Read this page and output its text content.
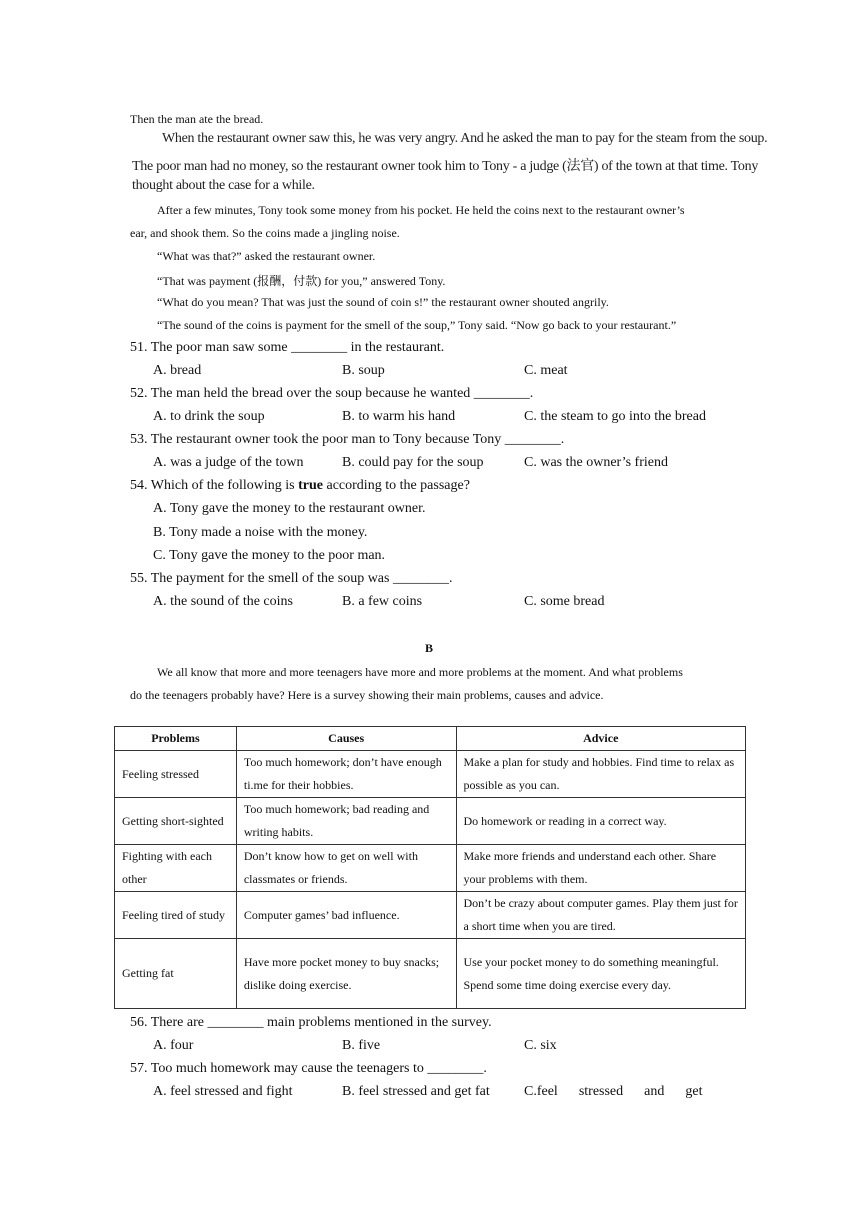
Then the man ate the bread.
When the restaurant owner saw this, he was very angry. And he asked the man to pay for the steam from the soup.
The poor man had no money, so the restaurant owner took him to Tony - a judge (法官) of the town at that time. Tony
thought about the case for a while.
After a few minutes, Tony took some money from his pocket. He held the coins next to the restaurant owner’s
ear, and shook them. So the coins made a jingling noise.
“What was that?” asked the restaurant owner.
“That was payment (报酬，付款) for you,” answered Tony.
“What do you mean? That was just the sound of coin s!” the restaurant owner shouted angrily.
“The sound of the coins is payment for the smell of the soup,” Tony said. “Now go back to your restaurant.”
51. The poor man saw some ________ in the restaurant.
A. bread	B. soup	C. meat
52. The man held the bread over the soup because he wanted ________.
A. to drink the soup	B. to warm his hand	C. the steam to go into the bread
53. The restaurant owner took the poor man to Tony because Tony ________.
A. was a judge of the town	B. could pay for the soup	C. was the owner’s friend
54. Which of the following is true according to the passage?
A. Tony gave the money to the restaurant owner.
B. Tony made a noise with the money.
C. Tony gave the money to the poor man.
55. The payment for the smell of the soup was ________.
A. the sound of the coins	B. a few coins	C. some bread
B
We all know that more and more teenagers have more and more problems at the moment. And what problems
do the teenagers probably have? Here is a survey showing their main problems, causes and advice.
Problems	Causes	Advice
Feeling stressed	Too much homework; don’t have enough ti.me for their hobbies.	Make a plan for study and hobbies. Find time to relax as possible as you can.
Getting short-sighted	Too much homework; bad reading and writing habits.	Do homework or reading in a correct way.
Fighting with each other	Don’t know how to get on well with classmates or friends.	Make more friends and understand each other. Share your problems with them.
Feeling tired of study	Computer games’ bad influence.	Don’t be crazy about computer games. Play them just for a short time when you are tired.
Getting fat	Have more pocket money to buy snacks; dislike doing exercise.	Use your pocket money to do something meaningful. Spend some time doing exercise every day.
56. There are ________ main problems mentioned in the survey.
A. four	B. five	C. six
57. Too much homework may cause the teenagers to ________.
A. feel stressed and fight	B. feel stressed and get fat C.feel      stressed      and      get
